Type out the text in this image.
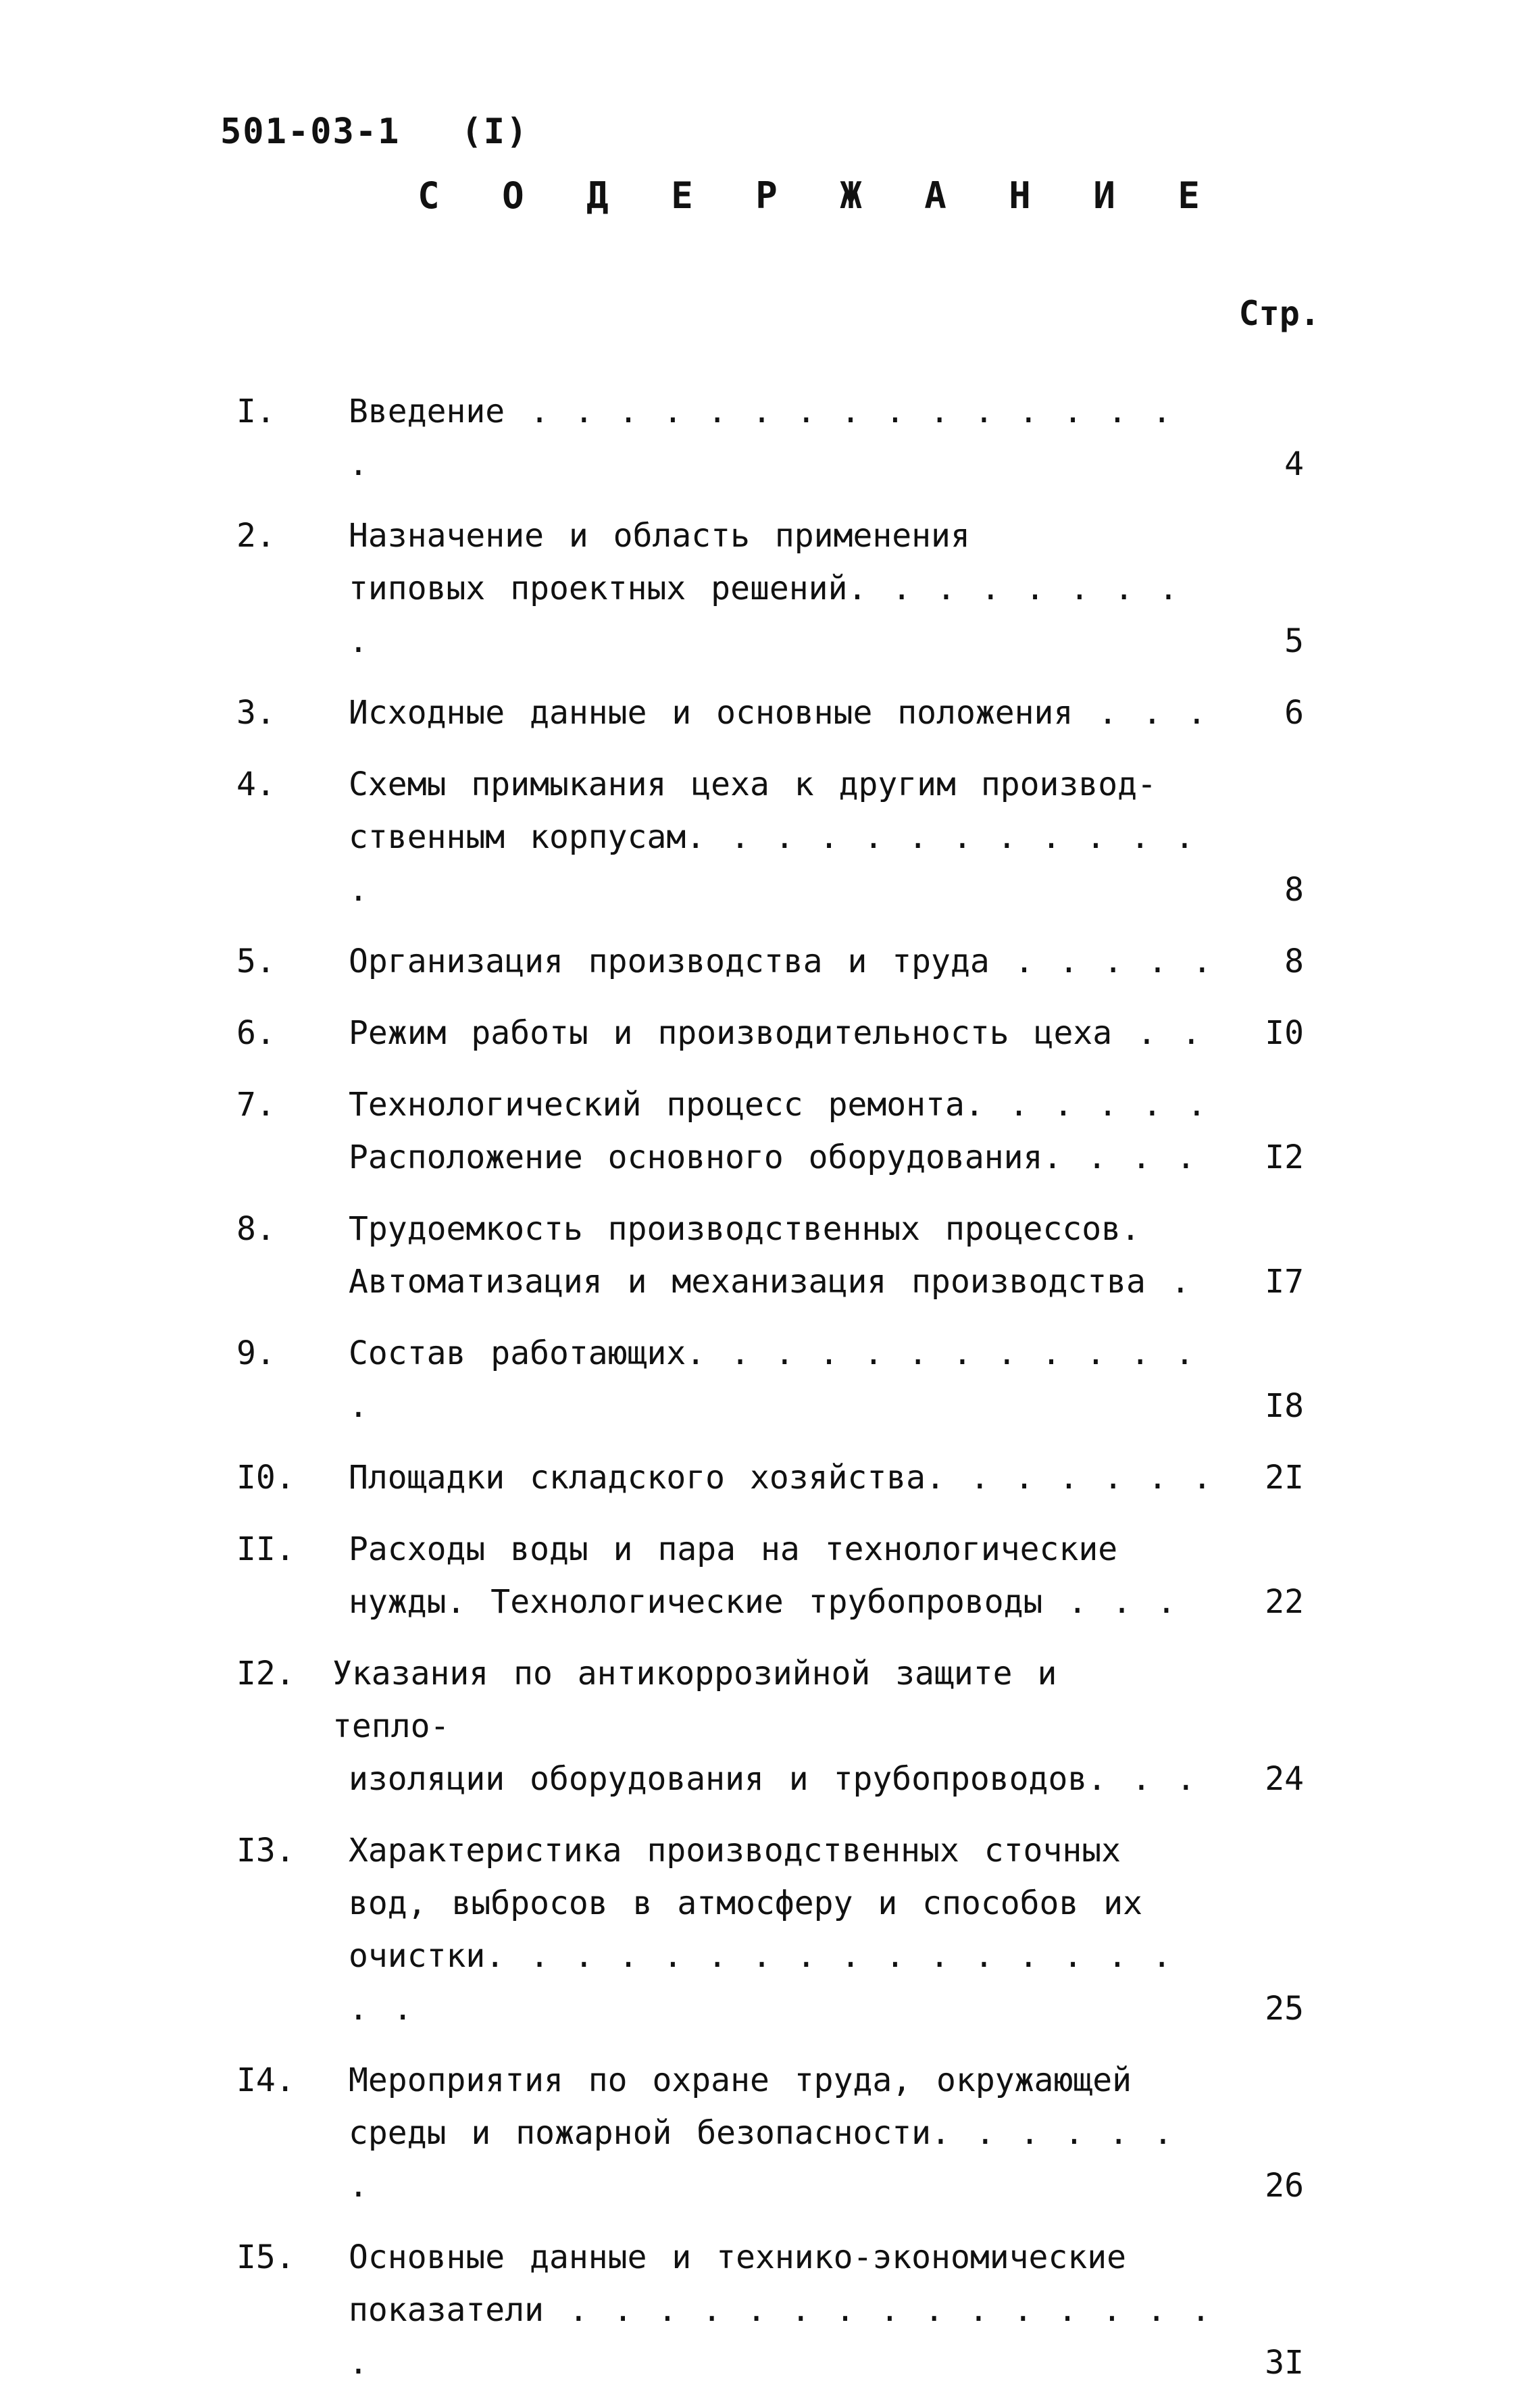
501-03-1 (I)
С О Д Е Р Ж А Н И Е
Стр.
I.	Введение . . . . . . . . . . . . . . . .	4
2.	Назначение и область применения
типовых проектных решений. . . . . . . . .	5
3.	Исходные данные и основные положения . . .	6
4.	Схемы примыкания цеха к другим производ-
ственным корпусам. . . . . . . . . . . . .	8
5.	Организация производства и труда . . . . .	8
6.	Режим работы и производительность цеха . .	I0
7.	Технологический процесс ремонта. . . . . .
Расположение основного оборудования. . . .	I2
8.	Трудоемкость производственных процессов.
Автоматизация и механизация производства .	I7
9.	Состав работающих. . . . . . . . . . . . .	I8
I0.	Площадки складского хозяйства. . . . . . .	2I
II.	Расходы воды и пара на технологические
нужды. Технологические трубопроводы . . .	22
I2.	Указания по антикоррозийной защите и тепло-
изоляции оборудования и трубопроводов. . .	24
I3.	Характеристика производственных сточных
вод, выбросов в атмосферу и способов их
очистки. . . . . . . . . . . . . . . . . .	25
I4.	Мероприятия по охране труда, окружающей
среды и пожарной безопасности. . . . . . .	26
I5.	Основные данные и технико-экономические
показатели . . . . . . . . . . . . . . . .	3I
